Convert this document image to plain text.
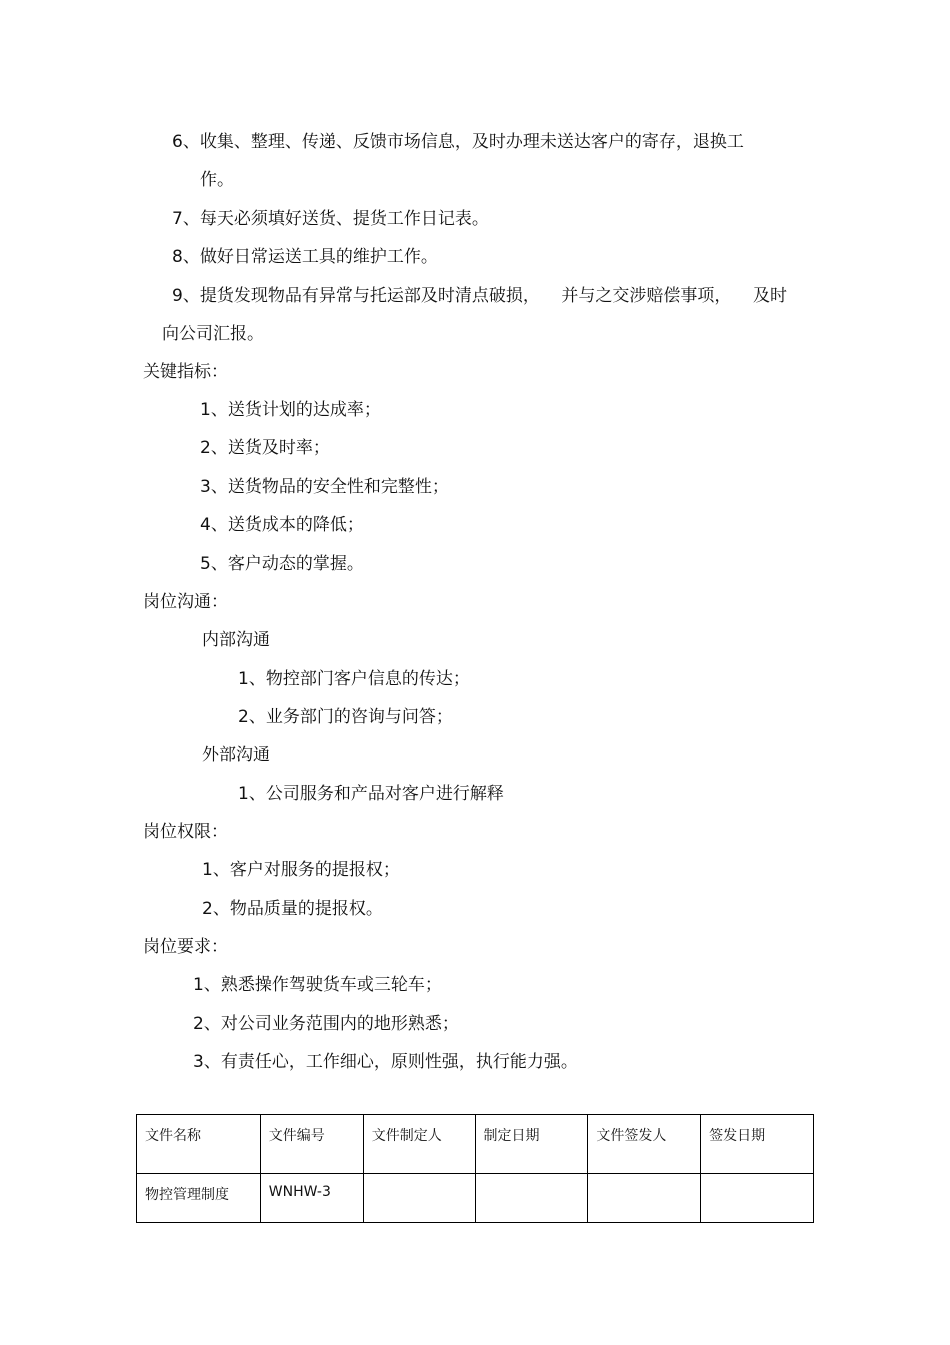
6、收集、整理、传递、反馈市场信息，及时办理未送达客户的寄存，退换工
作。
7、每天必须填好送货、提货工作日记表。
8、做好日常运送工具的维护工作。
9、提货发现物品有异常与托运部及时清点破损，    并与之交涉赔偿事项，    及时
向公司汇报。
关键指标：
1、送货计划的达成率；
2、送货及时率；
3、送货物品的安全性和完整性；
4、送货成本的降低；
5、客户动态的掌握。
岗位沟通：
内部沟通
1、物控部门客户信息的传达；
2、业务部门的咨询与问答；
外部沟通
1、公司服务和产品对客户进行解释
岗位权限：
1、客户对服务的提报权；
2、物品质量的提报权。
岗位要求：
1、熟悉操作驾驶货车或三轮车；
2、对公司业务范围内的地形熟悉；
3、有责任心，工作细心，原则性强，执行能力强。
文件名称	文件编号	文件制定人	制定日期	文件签发人	签发日期
物控管理制度	WNHW-3				
